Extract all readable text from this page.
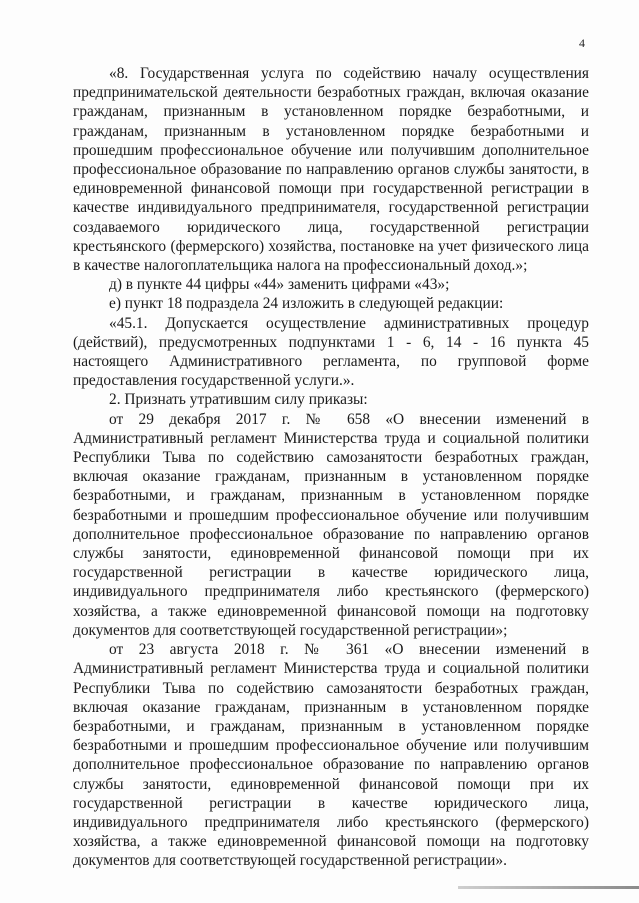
4

«8. Государственная услуга по содействию началу осуществления предпринимательской деятельности безработных граждан, включая оказание гражданам, признанным в установленном порядке безработными, и гражданам, признанным в установленном порядке безработными и прошедшим профессиональное обучение или получившим дополнительное профессиональное образование по направлению органов службы занятости, в единовременной финансовой помощи при государственной регистрации в качестве индивидуального предпринимателя, государственной регистрации создаваемого юридического лица, государственной регистрации крестьянского (фермерского) хозяйства, постановке на учет физического лица в качестве налогоплательщика налога на профессиональный доход.»;

д) в пункте 44 цифры «44» заменить цифрами «43»;

е) пункт 18 подраздела 24 изложить в следующей редакции:

«45.1. Допускается осуществление административных процедур (действий), предусмотренных подпунктами 1 - 6, 14 - 16 пункта 45 настоящего Административного регламента, по групповой форме предоставления государственной услуги.».

2. Признать утратившим силу приказы:

от 29 декабря 2017 г. № 658 «О внесении изменений в Административный регламент Министерства труда и социальной политики Республики Тыва по содействию самозанятости безработных граждан, включая оказание гражданам, признанным в установленном порядке безработными, и гражданам, признанным в установленном порядке безработными и прошедшим профессиональное обучение или получившим дополнительное профессиональное образование по направлению органов службы занятости, единовременной финансовой помощи при их государственной регистрации в качестве юридического лица, индивидуального предпринимателя либо крестьянского (фермерского) хозяйства, а также единовременной финансовой помощи на подготовку документов для соответствующей государственной регистрации»;

от 23 августа 2018 г. № 361 «О внесении изменений в Административный регламент Министерства труда и социальной политики Республики Тыва по содействию самозанятости безработных граждан, включая оказание гражданам, признанным в установленном порядке безработными, и гражданам, признанным в установленном порядке безработными и прошедшим профессиональное обучение или получившим дополнительное профессиональное образование по направлению органов службы занятости, единовременной финансовой помощи при их государственной регистрации в качестве юридического лица, индивидуального предпринимателя либо крестьянского (фермерского) хозяйства, а также единовременной финансовой помощи на подготовку документов для соответствующей государственной регистрации».
